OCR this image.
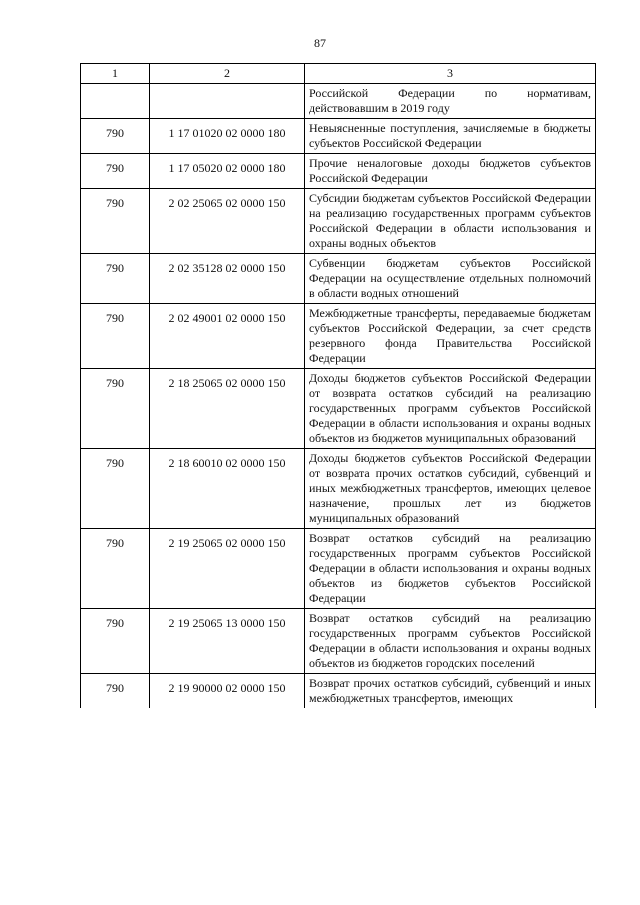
87
1	2	3
		Российской Федерации по нормативам, действовавшим в 2019 году
790	1 17 01020 02 0000 180	Невыясненные поступления, зачисляемые в бюджеты субъектов Российской Федерации
790	1 17 05020 02 0000 180	Прочие неналоговые доходы бюджетов субъектов Российской Федерации
790	2 02 25065 02 0000 150	Субсидии бюджетам субъектов Российской Федерации на реализацию государственных программ субъектов Российской Федерации в области использования и охраны водных объектов
790	2 02 35128 02 0000 150	Субвенции бюджетам субъектов Российской Федерации на осуществление отдельных полномочий в области водных отношений
790	2 02 49001 02 0000 150	Межбюджетные трансферты, передаваемые бюджетам субъектов Российской Федерации, за счет средств резервного фонда Правительства Российской Федерации
790	2 18 25065 02 0000 150	Доходы бюджетов субъектов Российской Федерации от возврата остатков субсидий на реализацию государственных программ субъектов Российской Федерации в области использования и охраны водных объектов из бюджетов муниципальных образований
790	2 18 60010 02 0000 150	Доходы бюджетов субъектов Российской Федерации от возврата прочих остатков субсидий, субвенций и иных межбюджетных трансфертов, имеющих целевое назначение, прошлых лет из бюджетов муниципальных образований
790	2 19 25065 02 0000 150	Возврат остатков субсидий на реализацию государственных программ субъектов Российской Федерации в области использования и охраны водных объектов из бюджетов субъектов Российской Федерации
790	2 19 25065 13 0000 150	Возврат остатков субсидий на реализацию государственных программ субъектов Российской Федерации в области использования и охраны водных объектов из бюджетов городских поселений
790	2 19 90000 02 0000 150	Возврат прочих остатков субсидий, субвенций и иных межбюджетных трансфертов, имеющих
